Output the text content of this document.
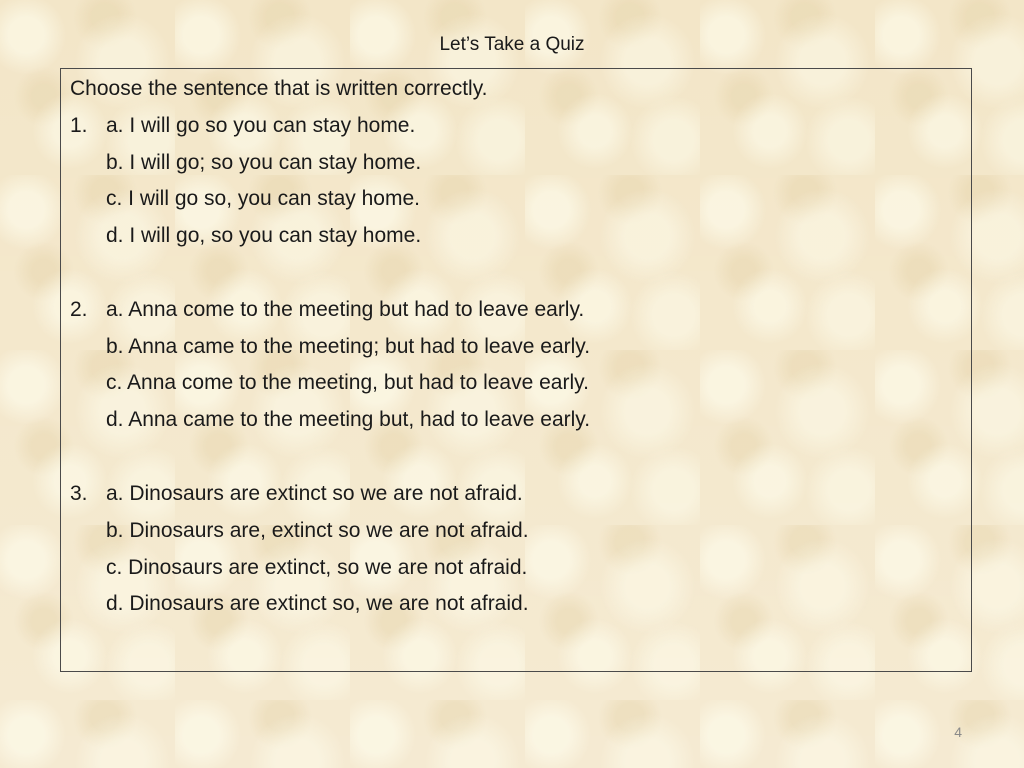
Let’s Take a Quiz
Choose the sentence that is written correctly.
1. a. I will go so you can stay home.
b. I will go; so you can stay home.
c. I will go so, you can stay home.
d. I will go, so you can stay home.
2. a. Anna come to the meeting but had to leave early.
b. Anna came to the meeting; but had to leave early.
c. Anna come to the meeting, but had to leave early.
d. Anna came to the meeting but, had to leave early.
3. a. Dinosaurs are extinct so we are not afraid.
b. Dinosaurs are, extinct so we are not afraid.
c. Dinosaurs are extinct, so we are not afraid.
d. Dinosaurs are extinct so, we are not afraid.
4
